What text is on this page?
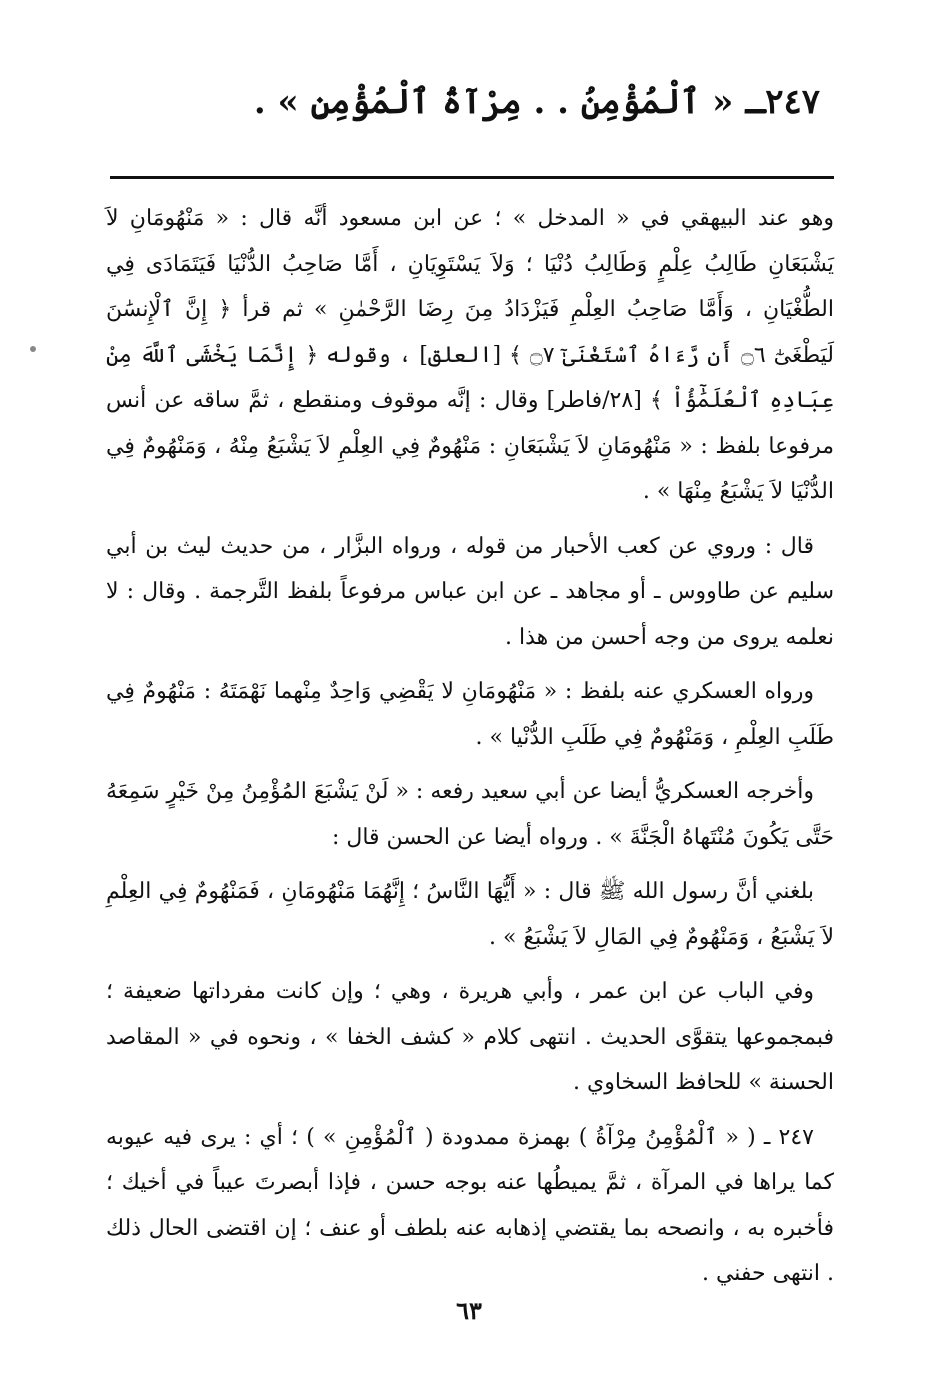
٢٤٧ـ « ٱلْمُؤْمِنُ . . مِرْآةُ ٱلْمُؤْمِنِ » .

وهو عند البيهقي في « المدخل » ؛ عن ابن مسعود أنَّه قال : « مَنْهُومَانِ لاَ يَشْبَعَانِ طَالِبُ عِلْمٍ وَطَالِبُ دُنْيَا ؛ وَلاَ يَسْتَوِيَانِ ، أَمَّا صَاحِبُ الدُّنْيَا فَيَتَمَادَى فِي الطُّغْيَانِ ، وَأَمَّا صَاحِبُ العِلْمِ فَيَزْدَادُ مِنَ رِضَا الرَّحْمٰنِ » ثم قرأ ﴿ إِنَّ ٱلْإِنسَٰنَ لَيَطْغَىٰٓ ۝٦ أَن رَّءَاهُ ٱسْتَغْنَىٰٓ ۝٧ ﴾ [العلق] ، وقوله ﴿ إِنَّمَا يَخْشَى ٱللَّهَ مِنْ عِبَادِهِ ٱلْعُلَمَٰٓؤُاْ ﴾ [٢٨/فاطر] وقال : إنَّه موقوف ومنقطع ، ثمَّ ساقه عن أنس مرفوعا بلفظ : « مَنْهُومَانِ لاَ يَشْبَعَانِ : مَنْهُومٌ فِي العِلْمِ لاَ يَشْبَعُ مِنْهُ ، وَمَنْهُومٌ فِي الدُّنْيَا لاَ يَشْبَعُ مِنْهَا » .

قال : وروي عن كعب الأحبار من قوله ، ورواه البزَّار ، من حديث ليث بن أبي سليم عن طاووس ـ أو مجاهد ـ عن ابن عباس مرفوعاً بلفظ التَّرجمة . وقال : لا نعلمه يروى من وجه أحسن من هذا .

ورواه العسكري عنه بلفظ : « مَنْهُومَانِ لا يَقْضِي وَاحِدٌ مِنْهما نَهْمَتَهُ : مَنْهُومٌ فِي طَلَبِ العِلْمِ ، وَمَنْهُومٌ فِي طَلَبِ الدُّنْيا » .

وأخرجه العسكريُّ أيضا عن أبي سعيد رفعه : « لَنْ يَشْبَعَ المُؤْمِنُ مِنْ خَيْرٍ سَمِعَهُ حَتَّى يَكُونَ مُنْتَهاهُ الْجَنَّةَ » . ورواه أيضا عن الحسن قال :

بلغني أنَّ رسول الله ﷺ قال : « أَيُّهَا النَّاسُ ؛ إِنَّهُمَا مَنْهُومَانِ ، فَمَنْهُومٌ فِي العِلْمِ لاَ يَشْبَعُ ، وَمَنْهُومٌ فِي المَالِ لاَ يَشْبَعُ » .

وفي الباب عن ابن عمر ، وأبي هريرة ، وهي ؛ وإن كانت مفرداتها ضعيفة ؛ فبمجموعها يتقوَّى الحديث . انتهى كلام « كشف الخفا » ، ونحوه في « المقاصد الحسنة » للحافظ السخاوي .

٢٤٧ ـ ( « ٱلْمُؤْمِنُ مِرْآةُ ) بهمزة ممدودة ( ٱلْمُؤْمِنِ » ) ؛ أي : يرى فيه عيوبه كما يراها في المرآة ، ثمَّ يميطُها عنه بوجه حسن ، فإذا أبصرتَ عيباً في أخيك ؛ فأخبره به ، وانصحه بما يقتضي إذهابه عنه بلطف أو عنف ؛ إن اقتضى الحال ذلك . انتهى حفني .

٦٣
